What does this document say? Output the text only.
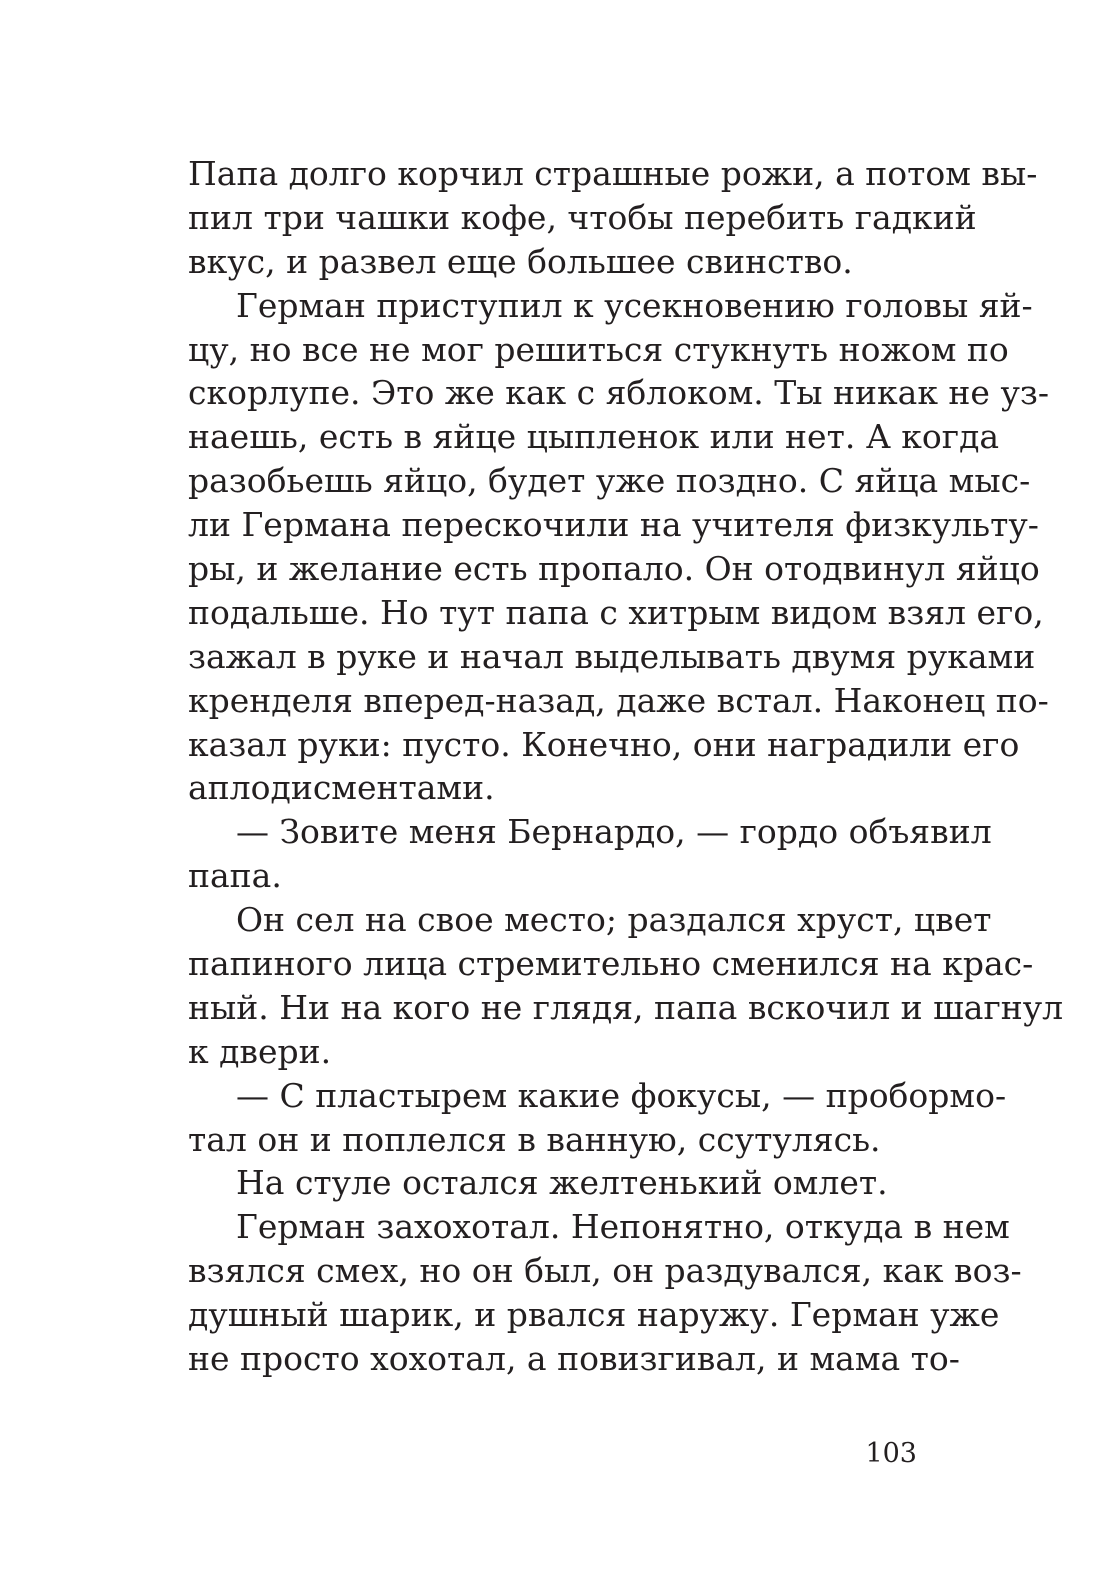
Папа долго корчил страшные рожи, а потом вы-
пил три чашки кофе, чтобы перебить гадкий
вкус, и развел еще большее свинство.
Герман приступил к усекновению головы яй-
цу, но все не мог решиться стукнуть ножом по
скорлупе. Это же как с яблоком. Ты никак не уз-
наешь, есть в яйце цыпленок или нет. А когда
разобьешь яйцо, будет уже поздно. С яйца мыс-
ли Германа перескочили на учителя физкульту-
ры, и желание есть пропало. Он отодвинул яйцо
подальше. Но тут папа с хитрым видом взял его,
зажал в руке и начал выделывать двумя руками
кренделя вперед-назад, даже встал. Наконец по-
казал руки: пусто. Конечно, они наградили его
аплодисментами.
— Зовите меня Бернардо, — гордо объявил
папа.
Он сел на свое место; раздался хруст, цвет
папиного лица стремительно сменился на крас-
ный. Ни на кого не глядя, папа вскочил и шагнул
к двери.
— С пластырем какие фокусы, — пробормо-
тал он и поплелся в ванную, ссутулясь.
На стуле остался желтенький омлет.
Герман захохотал. Непонятно, откуда в нем
взялся смех, но он был, он раздувался, как воз-
душный шарик, и рвался наружу. Герман уже
не просто хохотал, а повизгивал, и мама то-
103
